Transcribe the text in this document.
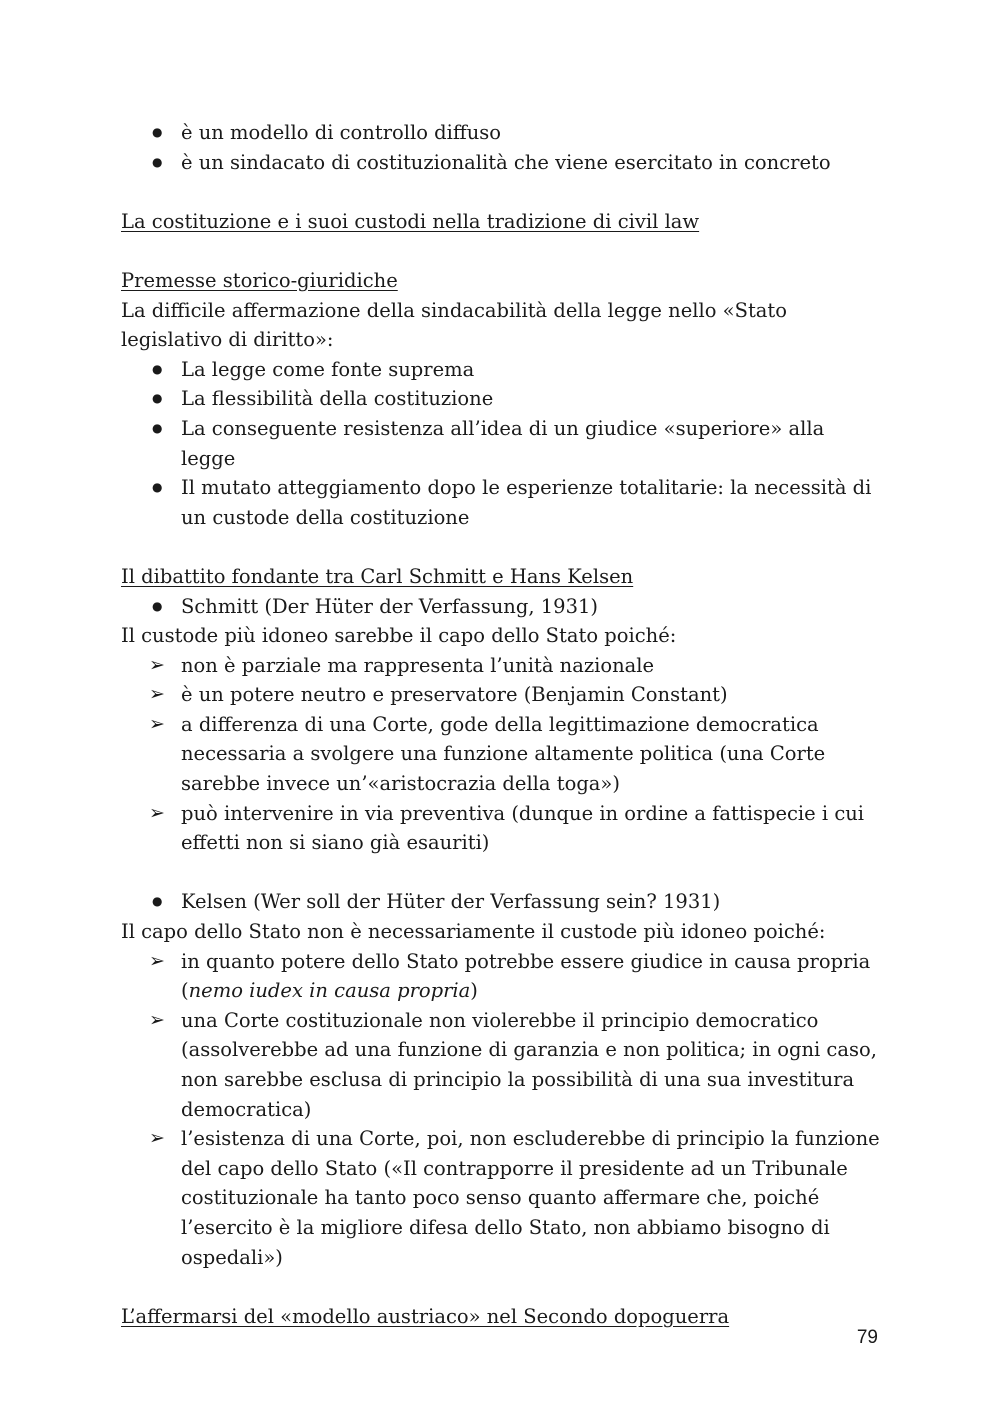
● è un modello di controllo diffuso
● è un sindacato di costituzionalità che viene esercitato in concreto

La costituzione e i suoi custodi nella tradizione di civil law

Premesse storico-giuridiche

La difficile affermazione della sindacabilità della legge nello «Stato legislativo di diritto»:

● La legge come fonte suprema
● La flessibilità della costituzione
● La conseguente resistenza all’idea di un giudice «superiore» alla legge
● Il mutato atteggiamento dopo le esperienze totalitarie: la necessità di un custode della costituzione

Il dibattito fondante tra Carl Schmitt e Hans Kelsen

● Schmitt (Der Hüter der Verfassung, 1931)

Il custode più idoneo sarebbe il capo dello Stato poiché:

➢ non è parziale ma rappresenta l’unità nazionale
➢ è un potere neutro e preservatore (Benjamin Constant)
➢ a differenza di una Corte, gode della legittimazione democratica necessaria a svolgere una funzione altamente politica (una Corte sarebbe invece un’«aristocrazia della toga»)
➢ può intervenire in via preventiva (dunque in ordine a fattispecie i cui effetti non si siano già esauriti)
● Kelsen (Wer soll der Hüter der Verfassung sein? 1931)

Il capo dello Stato non è necessariamente il custode più idoneo poiché:

➢ in quanto potere dello Stato potrebbe essere giudice in causa propria (nemo iudex in causa propria)
➢ una Corte costituzionale non violerebbe il principio democratico (assolverebbe ad una funzione di garanzia e non politica; in ogni caso, non sarebbe esclusa di principio la possibilità di una sua investitura democratica)
➢ l’esistenza di una Corte, poi, non escluderebbe di principio la funzione del capo dello Stato («Il contrapporre il presidente ad un Tribunale costituzionale ha tanto poco senso quanto affermare che, poiché l’esercito è la migliore difesa dello Stato, non abbiamo bisogno di ospedali»)

L’affermarsi del «modello austriaco» nel Secondo dopoguerra

79
